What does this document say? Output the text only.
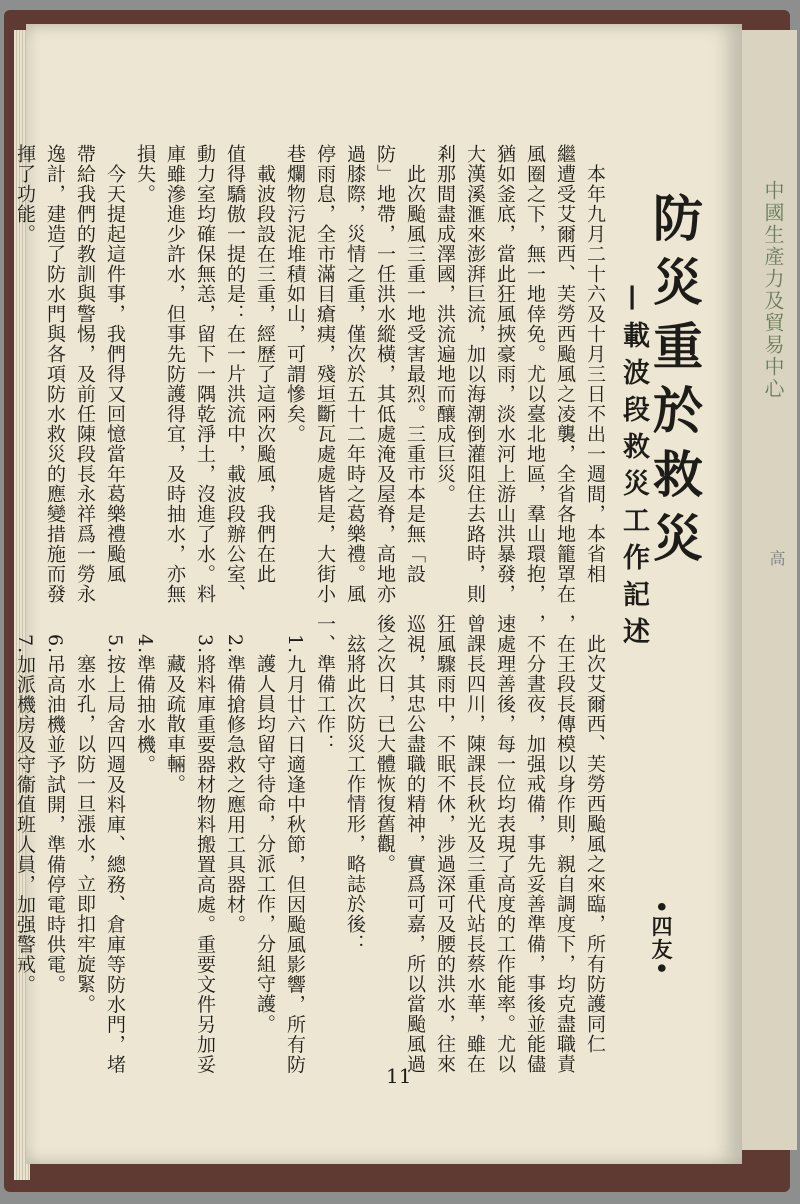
中國生產力及貿易中心
高
防災重於救災
—載波段救災工作記述
　本年九月二十六及十月三日不出一週間，本省相
繼遭受艾爾西、芙勞西颱風之凌襲，全省各地籠罩在
風圈之下，無一地倖免。尤以臺北地區，羣山環抱，
猶如釜底，當此狂風挾豪雨，淡水河上游山洪暴發，
大漢溪滙來澎湃巨流，加以海潮倒灌阻住去路時，則
剎那間盡成澤國，洪流遍地而釀成巨災。
　此次颱風三重一地受害最烈。三重市本是無「設
防」地帶，一任洪水縱橫，其低處淹及屋脊，高地亦
過膝際，災情之重，僅次於五十二年時之葛樂禮。風
停雨息，全市滿目瘡痍，殘垣斷瓦處處皆是，大街小
巷爛物污泥堆積如山，可謂慘矣。
　載波段設在三重，經歷了這兩次颱風，我們在此
值得驕傲一提的是：在一片洪流中，載波段辦公室、
動力室均確保無恙，留下一隅乾淨土，沒進了水。料
庫雖滲進少許水，但事先防護得宜，及時抽水，亦無
損失。
　今天提起這件事，我們得又回憶當年葛樂禮颱風
帶給我們的教訓與警惕，及前任陳段長永祥爲一勞永
逸計，建造了防水門與各項防水救災的應變措施而發
揮了功能。
　此次艾爾西、芙勞西颱風之來臨，所有防護同仁
，在王段長傳模以身作則，親自調度下，均克盡職責
，不分晝夜，加强戒備，事先妥善準備，事後並能儘
速處理善後，每一位均表現了高度的工作能率。尤以
曾課長四川，陳課長秋光及三重代站長蔡水華，雖在
狂風驟雨中，不眠不休，涉過深可及腰的洪水，往來
巡視，其忠公盡職的精神，實爲可嘉，所以當颱風過
後之次日，已大體恢復舊觀。
　玆將此次防災工作情形，略誌於後：
一、準備工作：
　1.九月廿六日適逢中秋節，但因颱風影響，所有防
　　護人員均留守待命，分派工作，分組守護。
　2.準備搶修急救之應用工具器材。
　3.將料庫重要器材物料搬置高處。重要文件另加妥
　　藏及疏散車輛。
　4.準備抽水機。
　5.按上局舍四週及料庫、總務、倉庫等防水門，堵
　　塞水孔，以防一旦漲水，立即扣牢旋緊。
　6.吊高油機並予試開，準備停電時供電。
　7.加派機房及守衞值班人員，加强警戒。	•四友•
11
